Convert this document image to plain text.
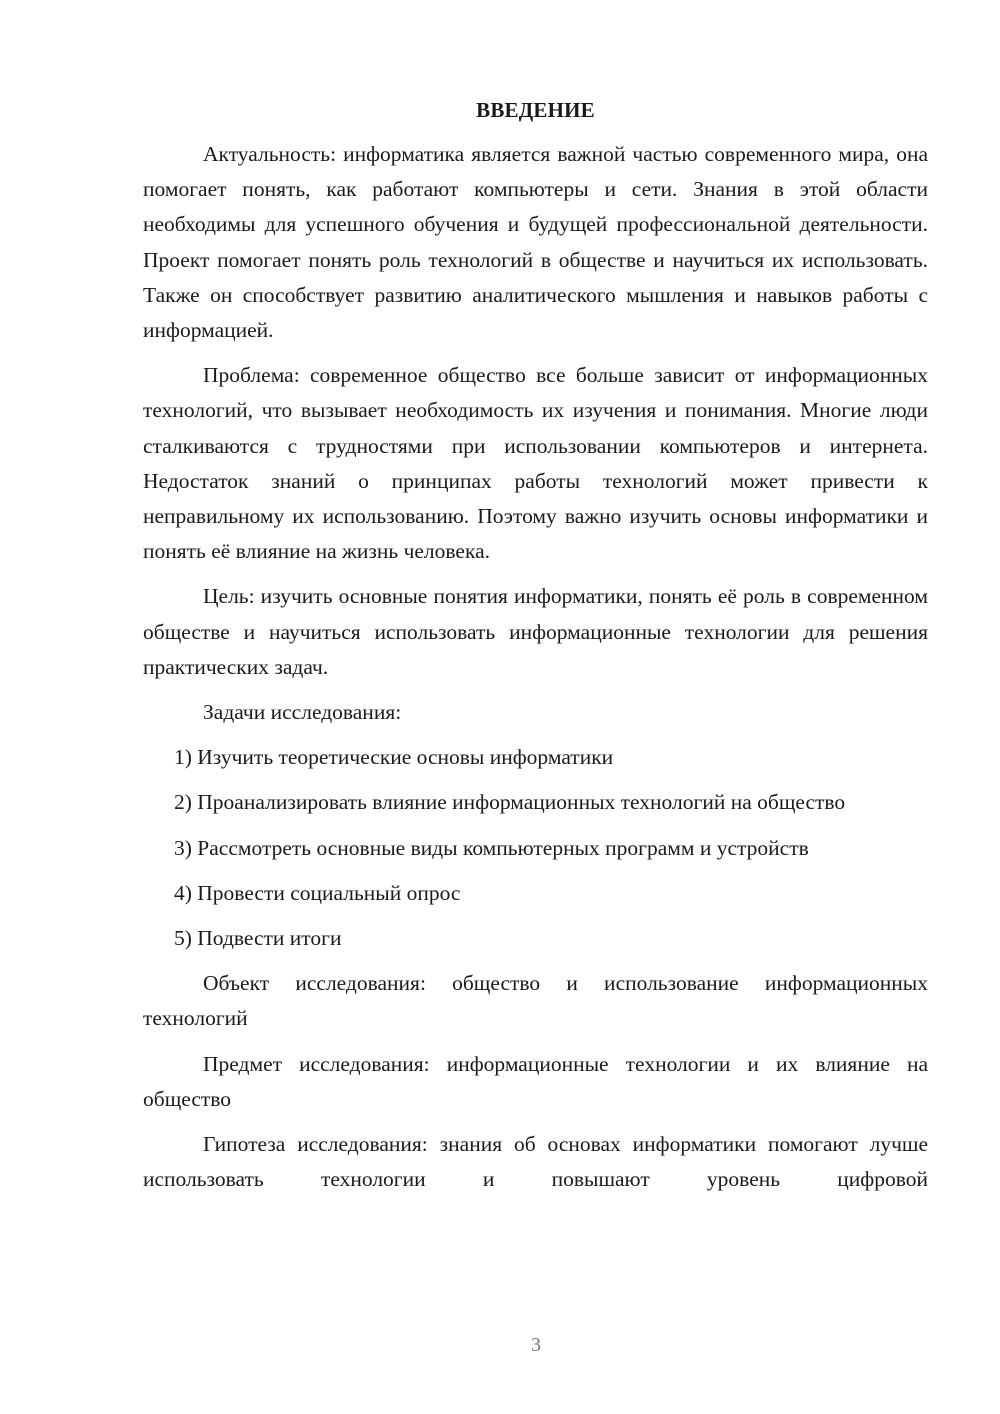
ВВЕДЕНИЕ

Актуальность: информатика является важной частью современного мира, она помогает понять, как работают компьютеры и сети. Знания в этой области необходимы для успешного обучения и будущей профессиональной деятельности. Проект помогает понять роль технологий в обществе и научиться их использовать. Также он способствует развитию аналитического мышления и навыков работы с информацией.

Проблема: современное общество все больше зависит от информационных технологий, что вызывает необходимость их изучения и понимания. Многие люди сталкиваются с трудностями при использовании компьютеров и интернета. Недостаток знаний о принципах работы технологий может привести к неправильному их использованию. Поэтому важно изучить основы информатики и понять её влияние на жизнь человека.

Цель: изучить основные понятия информатики, понять её роль в современном обществе и научиться использовать информационные технологии для решения практических задач.

Задачи исследования:

1) Изучить теоретические основы информатики

2) Проанализировать влияние информационных технологий на общество

3) Рассмотреть основные виды компьютерных программ и устройств

4) Провести социальный опрос

5) Подвести итоги

Объект исследования: общество и использование информационных технологий

Предмет исследования: информационные технологии и их влияние на общество

Гипотеза исследования: знания об основах информатики помогают лучше использовать технологии и повышают уровень цифровой

3
